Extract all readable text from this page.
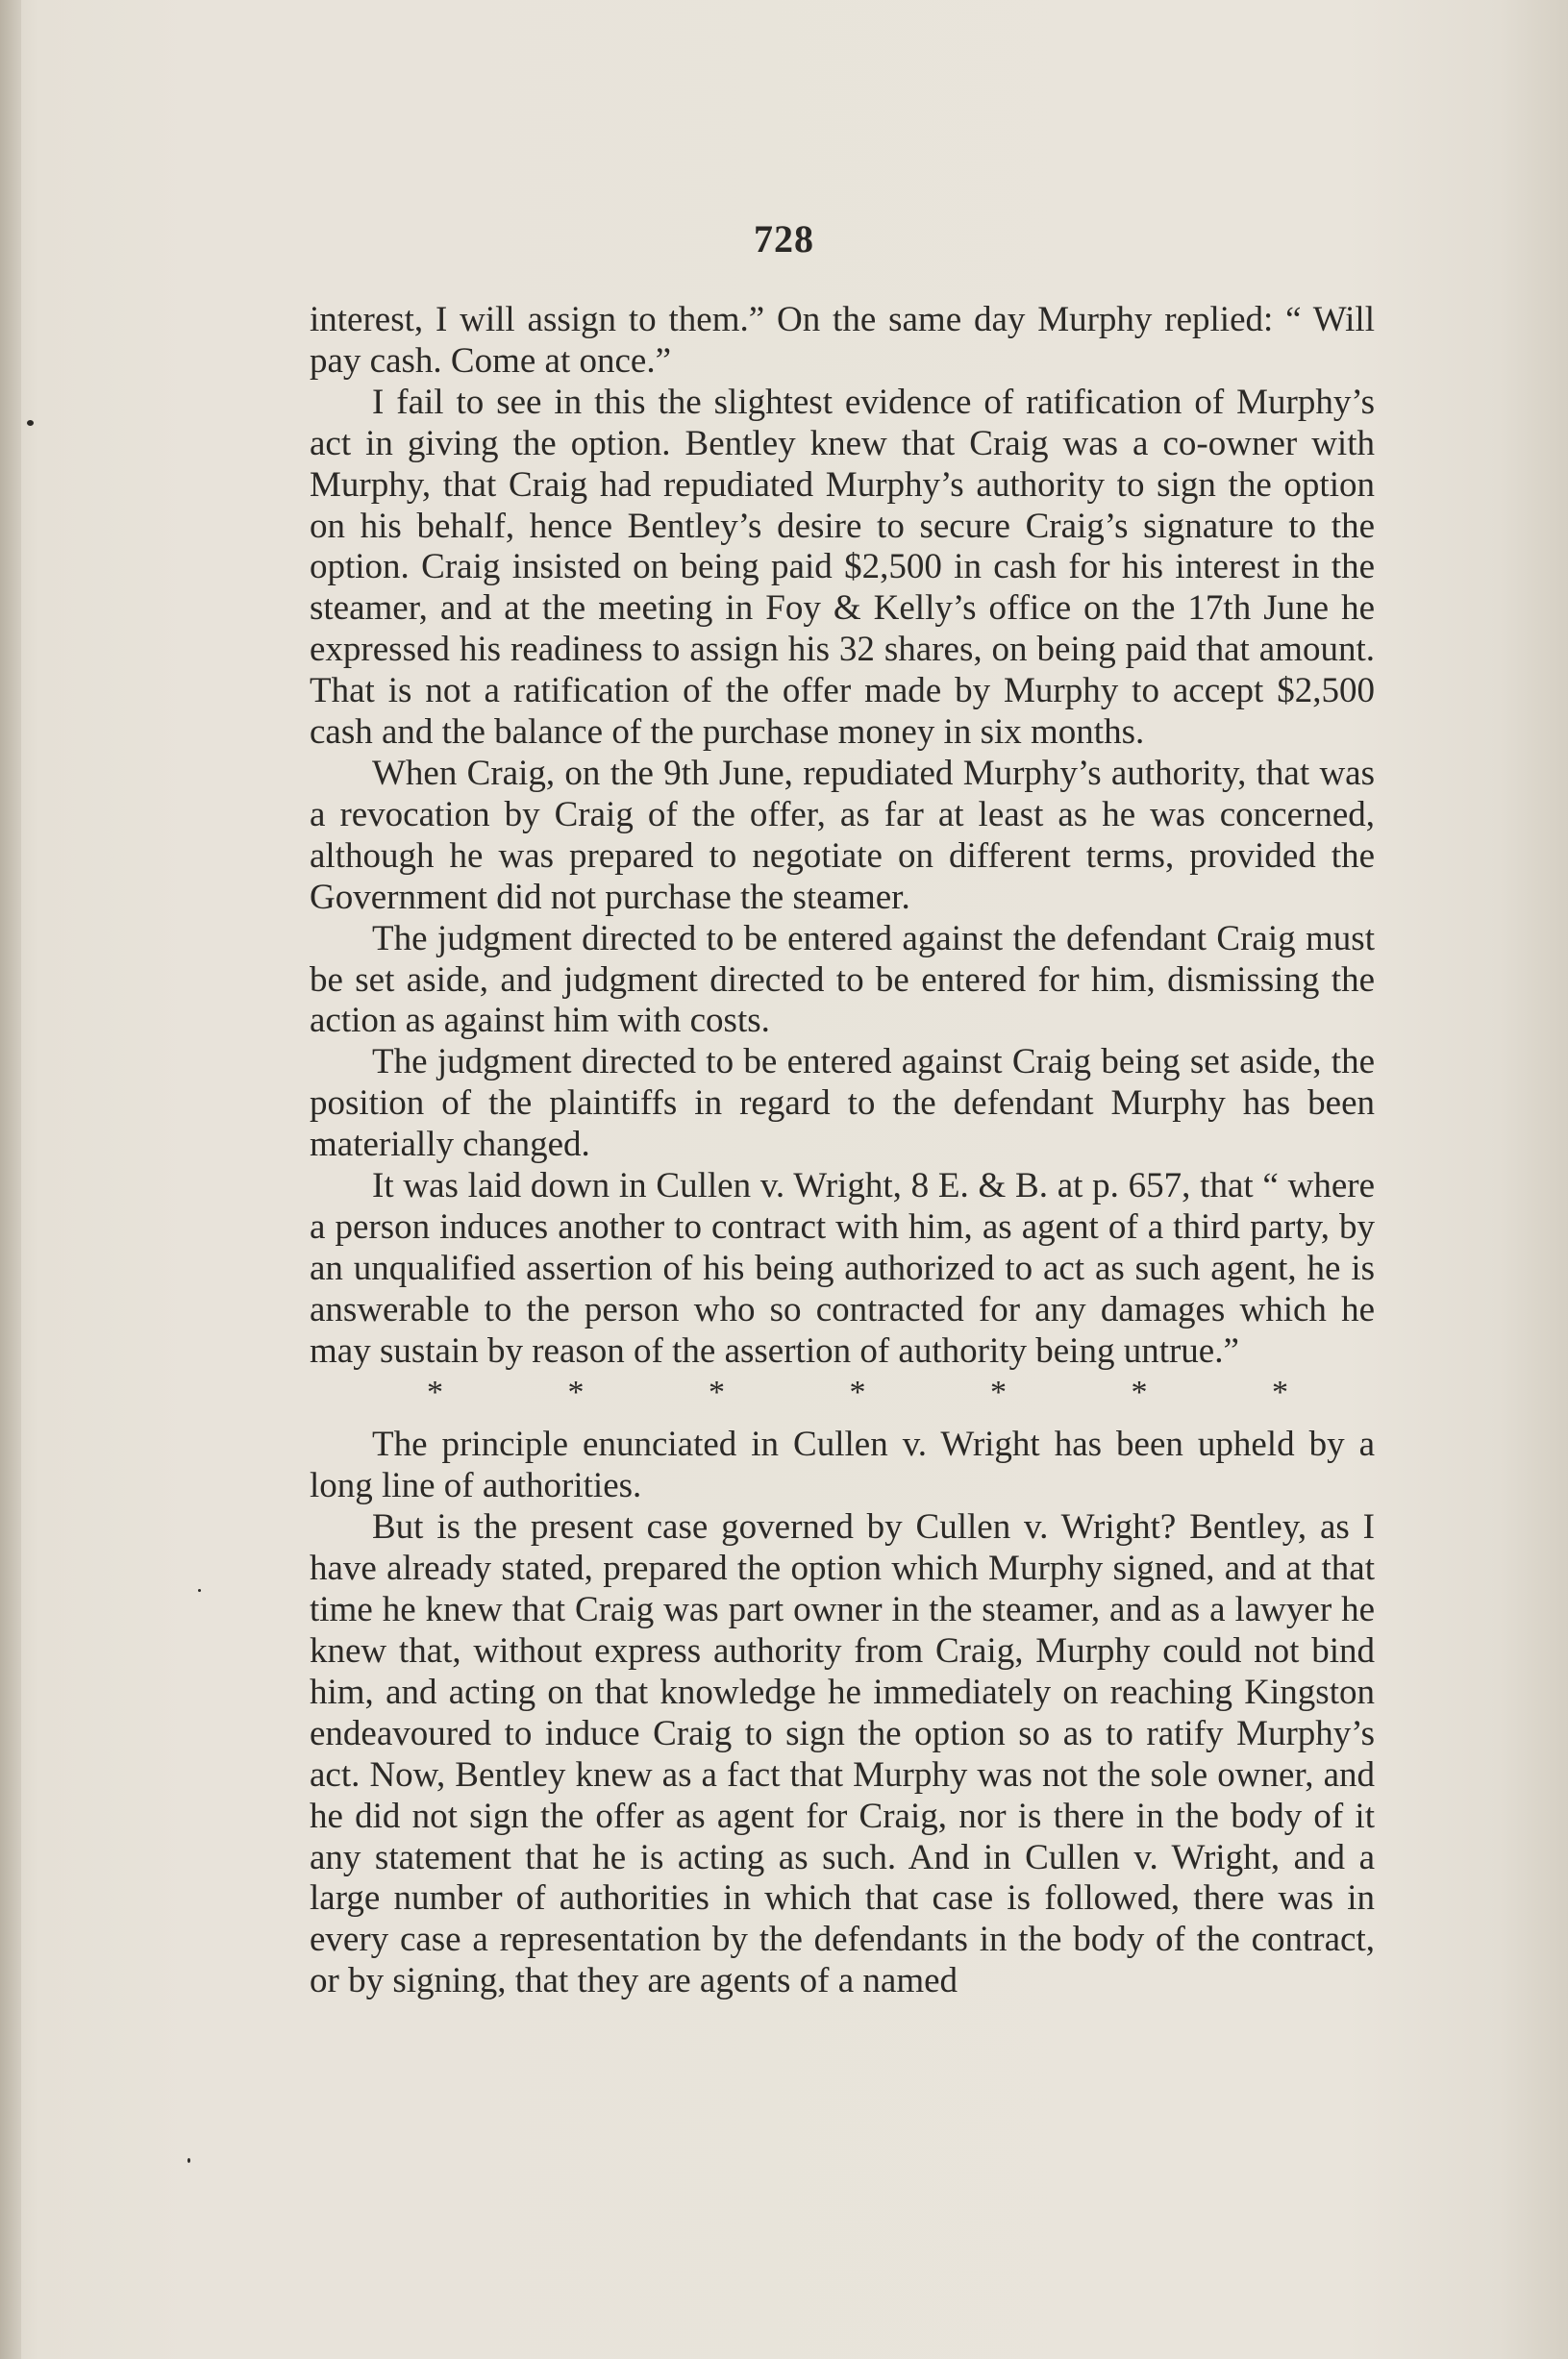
728

interest, I will assign to them.” On the same day Murphy replied: “ Will pay cash. Come at once.”

I fail to see in this the slightest evidence of ratification of Murphy’s act in giving the option. Bentley knew that Craig was a co-owner with Murphy, that Craig had repudiated Murphy’s authority to sign the option on his behalf, hence Bentley’s desire to secure Craig’s signature to the option. Craig insisted on being paid $2,500 in cash for his interest in the steamer, and at the meeting in Foy & Kelly’s office on the 17th June he expressed his readiness to assign his 32 shares, on being paid that amount. That is not a ratification of the offer made by Murphy to accept $2,500 cash and the balance of the purchase money in six months.

When Craig, on the 9th June, repudiated Murphy’s authority, that was a revocation by Craig of the offer, as far at least as he was concerned, although he was prepared to negotiate on different terms, provided the Government did not purchase the steamer.

The judgment directed to be entered against the defendant Craig must be set aside, and judgment directed to be entered for him, dismissing the action as against him with costs.

The judgment directed to be entered against Craig being set aside, the position of the plaintiffs in regard to the defendant Murphy has been materially changed.

It was laid down in Cullen v. Wright, 8 E. & B. at p. 657, that “ where a person induces another to contract with him, as agent of a third party, by an unqualified assertion of his being authorized to act as such agent, he is answerable to the person who so contracted for any damages which he may sustain by reason of the assertion of authority being untrue.”

*	*	*	*	*	*	*

The principle enunciated in Cullen v. Wright has been upheld by a long line of authorities.

But is the present case governed by Cullen v. Wright? Bentley, as I have already stated, prepared the option which Murphy signed, and at that time he knew that Craig was part owner in the steamer, and as a lawyer he knew that, without express authority from Craig, Murphy could not bind him, and acting on that knowledge he immediately on reaching Kingston endeavoured to induce Craig to sign the option so as to ratify Murphy’s act. Now, Bentley knew as a fact that Murphy was not the sole owner, and he did not sign the offer as agent for Craig, nor is there in the body of it any statement that he is acting as such. And in Cullen v. Wright, and a large number of authorities in which that case is followed, there was in every case a representation by the defendants in the body of the contract, or by signing, that they are agents of a named
